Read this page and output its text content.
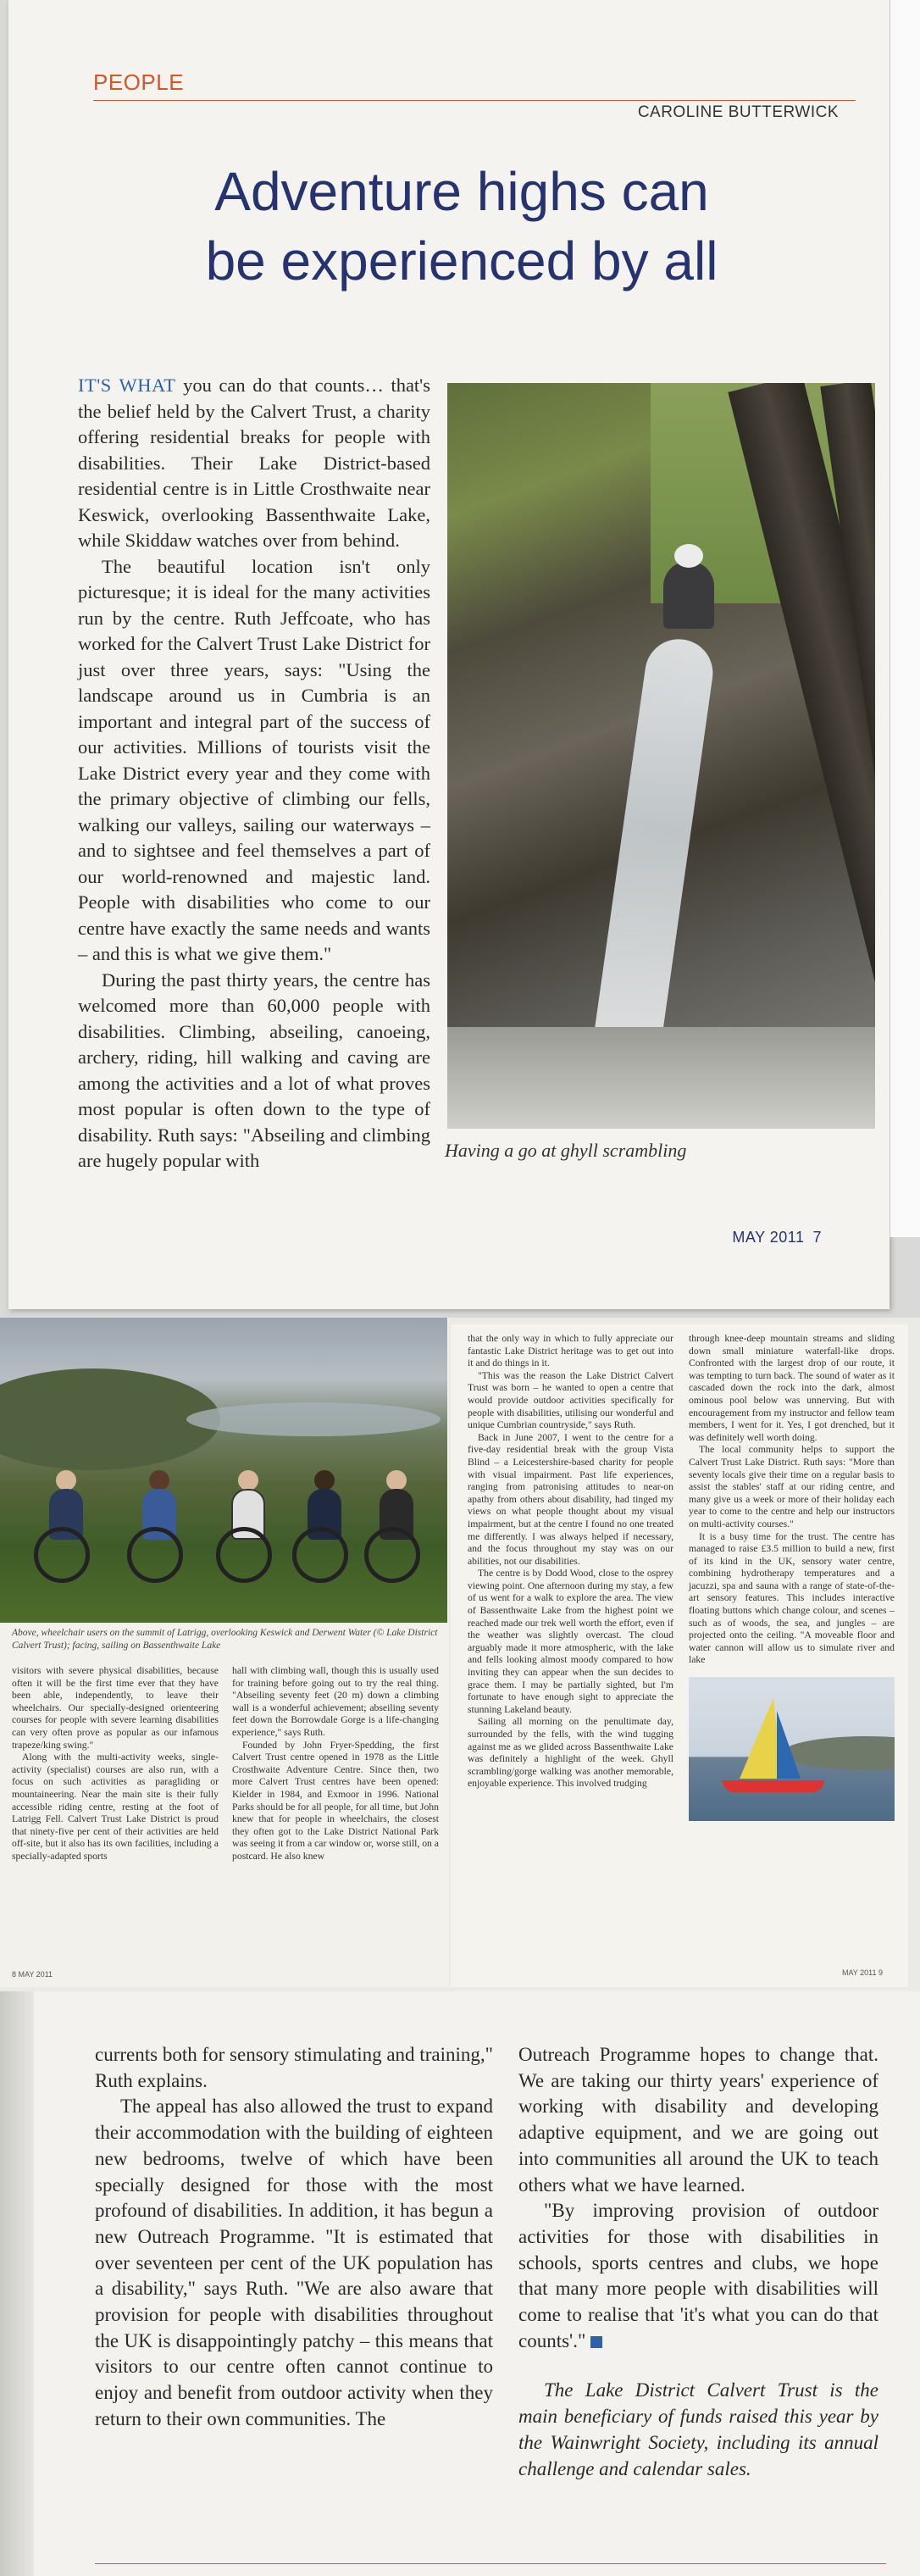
PEOPLE
CAROLINE BUTTERWICK
Adventure highs can
be experienced by all

IT'S WHAT you can do that counts… that's the belief held by the Calvert Trust, a charity offering residential breaks for people with disabilities. Their Lake District-based residential centre is in Little Crosthwaite near Keswick, overlooking Bassenthwaite Lake, while Skiddaw watches over from behind.

The beautiful location isn't only picturesque; it is ideal for the many activities run by the centre. Ruth Jeffcoate, who has worked for the Calvert Trust Lake District for just over three years, says: "Using the landscape around us in Cumbria is an important and integral part of the success of our activities. Millions of tourists visit the Lake District every year and they come with the primary objective of climbing our fells, walking our valleys, sailing our waterways – and to sightsee and feel themselves a part of our world-renowned and majestic land. People with disabilities who come to our centre have exactly the same needs and wants – and this is what we give them."

During the past thirty years, the centre has welcomed more than 60,000 people with disabilities. Climbing, abseiling, canoeing, archery, riding, hill walking and caving are among the activities and a lot of what proves most popular is often down to the type of disability. Ruth says: "Abseiling and climbing are hugely popular with	Having a go at ghyll scrambling
MAY 2011 7
Above, wheelchair users on the summit of Latrigg, overlooking Keswick and Derwent Water (© Lake District Calvert Trust); facing, sailing on Bassenthwaite Lake

visitors with severe physical disabilities, because often it will be the first time ever that they have been able, independently, to leave their wheelchairs. Our specially-designed orienteering courses for people with severe learning disabilities can very often prove as popular as our infamous trapeze/king swing."

Along with the multi-activity weeks, single-activity (specialist) courses are also run, with a focus on such activities as paragliding or mountaineering. Near the main site is their fully accessible riding centre, resting at the foot of Latrigg Fell. Calvert Trust Lake District is proud that ninety-five per cent of their activities are held off-site, but it also has its own facilities, including a specially-adapted sports

hall with climbing wall, though this is usually used for training before going out to try the real thing. "Abseiling seventy feet (20 m) down a climbing wall is a wonderful achievement; abseiling seventy feet down the Borrowdale Gorge is a life-changing experience," says Ruth.

Founded by John Fryer-Spedding, the first Calvert Trust centre opened in 1978 as the Little Crosthwaite Adventure Centre. Since then, two more Calvert Trust centres have been opened: Kielder in 1984, and Exmoor in 1996. National Parks should be for all people, for all time, but John knew that for people in wheelchairs, the closest they often got to the Lake District National Park was seeing it from a car window or, worse still, on a postcard. He also knew

8 MAY 2011

that the only way in which to fully appreciate our fantastic Lake District heritage was to get out into it and do things in it.

"This was the reason the Lake District Calvert Trust was born – he wanted to open a centre that would provide outdoor activities specifically for people with disabilities, utilising our wonderful and unique Cumbrian countryside," says Ruth.

Back in June 2007, I went to the centre for a five-day residential break with the group Vista Blind – a Leicestershire-based charity for people with visual impairment. Past life experiences, ranging from patronising attitudes to near-on apathy from others about disability, had tinged my views on what people thought about my visual impairment, but at the centre I found no one treated me differently. I was always helped if necessary, and the focus throughout my stay was on our abilities, not our disabilities.

The centre is by Dodd Wood, close to the osprey viewing point. One afternoon during my stay, a few of us went for a walk to explore the area. The view of Bassenthwaite Lake from the highest point we reached made our trek well worth the effort, even if the weather was slightly overcast. The cloud arguably made it more atmospheric, with the lake and fells looking almost moody compared to how inviting they can appear when the sun decides to grace them. I may be partially sighted, but I'm fortunate to have enough sight to appreciate the stunning Lakeland beauty.

Sailing all morning on the penultimate day, surrounded by the fells, with the wind tugging against me as we glided across Bassenthwaite Lake was definitely a highlight of the week. Ghyll scrambling/gorge walking was another memorable, enjoyable experience. This involved trudging

through knee-deep mountain streams and sliding down small miniature waterfall-like drops. Confronted with the largest drop of our route, it was tempting to turn back. The sound of water as it cascaded down the rock into the dark, almost ominous pool below was unnerving. But with encouragement from my instructor and fellow team members, I went for it. Yes, I got drenched, but it was definitely well worth doing.

The local community helps to support the Calvert Trust Lake District. Ruth says: "More than seventy locals give their time on a regular basis to assist the stables' staff at our riding centre, and many give us a week or more of their holiday each year to come to the centre and help our instructors on multi-activity courses."

It is a busy time for the trust. The centre has managed to raise £3.5 million to build a new, first of its kind in the UK, sensory water centre, combining hydrotherapy temperatures and a jacuzzi, spa and sauna with a range of state-of-the-art sensory features. This includes interactive floating buttons which change colour, and scenes – such as of woods, the sea, and jungles – are projected onto the ceiling. "A moveable floor and water cannon will allow us to simulate river and lake

MAY 2011 9

currents both for sensory stimulating and training," Ruth explains.

The appeal has also allowed the trust to expand their accommodation with the building of eighteen new bedrooms, twelve of which have been specially designed for those with the most profound of disabilities. In addition, it has begun a new Outreach Programme. "It is estimated that over seventeen per cent of the UK population has a disability," says Ruth. "We are also aware that provision for people with disabilities throughout the UK is disappointingly patchy – this means that visitors to our centre often cannot continue to enjoy and benefit from outdoor activity when they return to their own communities. The

Outreach Programme hopes to change that. We are taking our thirty years' experience of working with disability and developing adaptive equipment, and we are going out into communities all around the UK to teach others what we have learned.

"By improving provision of outdoor activities for those with disabilities in schools, sports centres and clubs, we hope that many more people with disabilities will come to realise that 'it's what you can do that counts'."

The Lake District Calvert Trust is the main beneficiary of funds raised this year by the Wainwright Society, including its annual challenge and calendar sales.
